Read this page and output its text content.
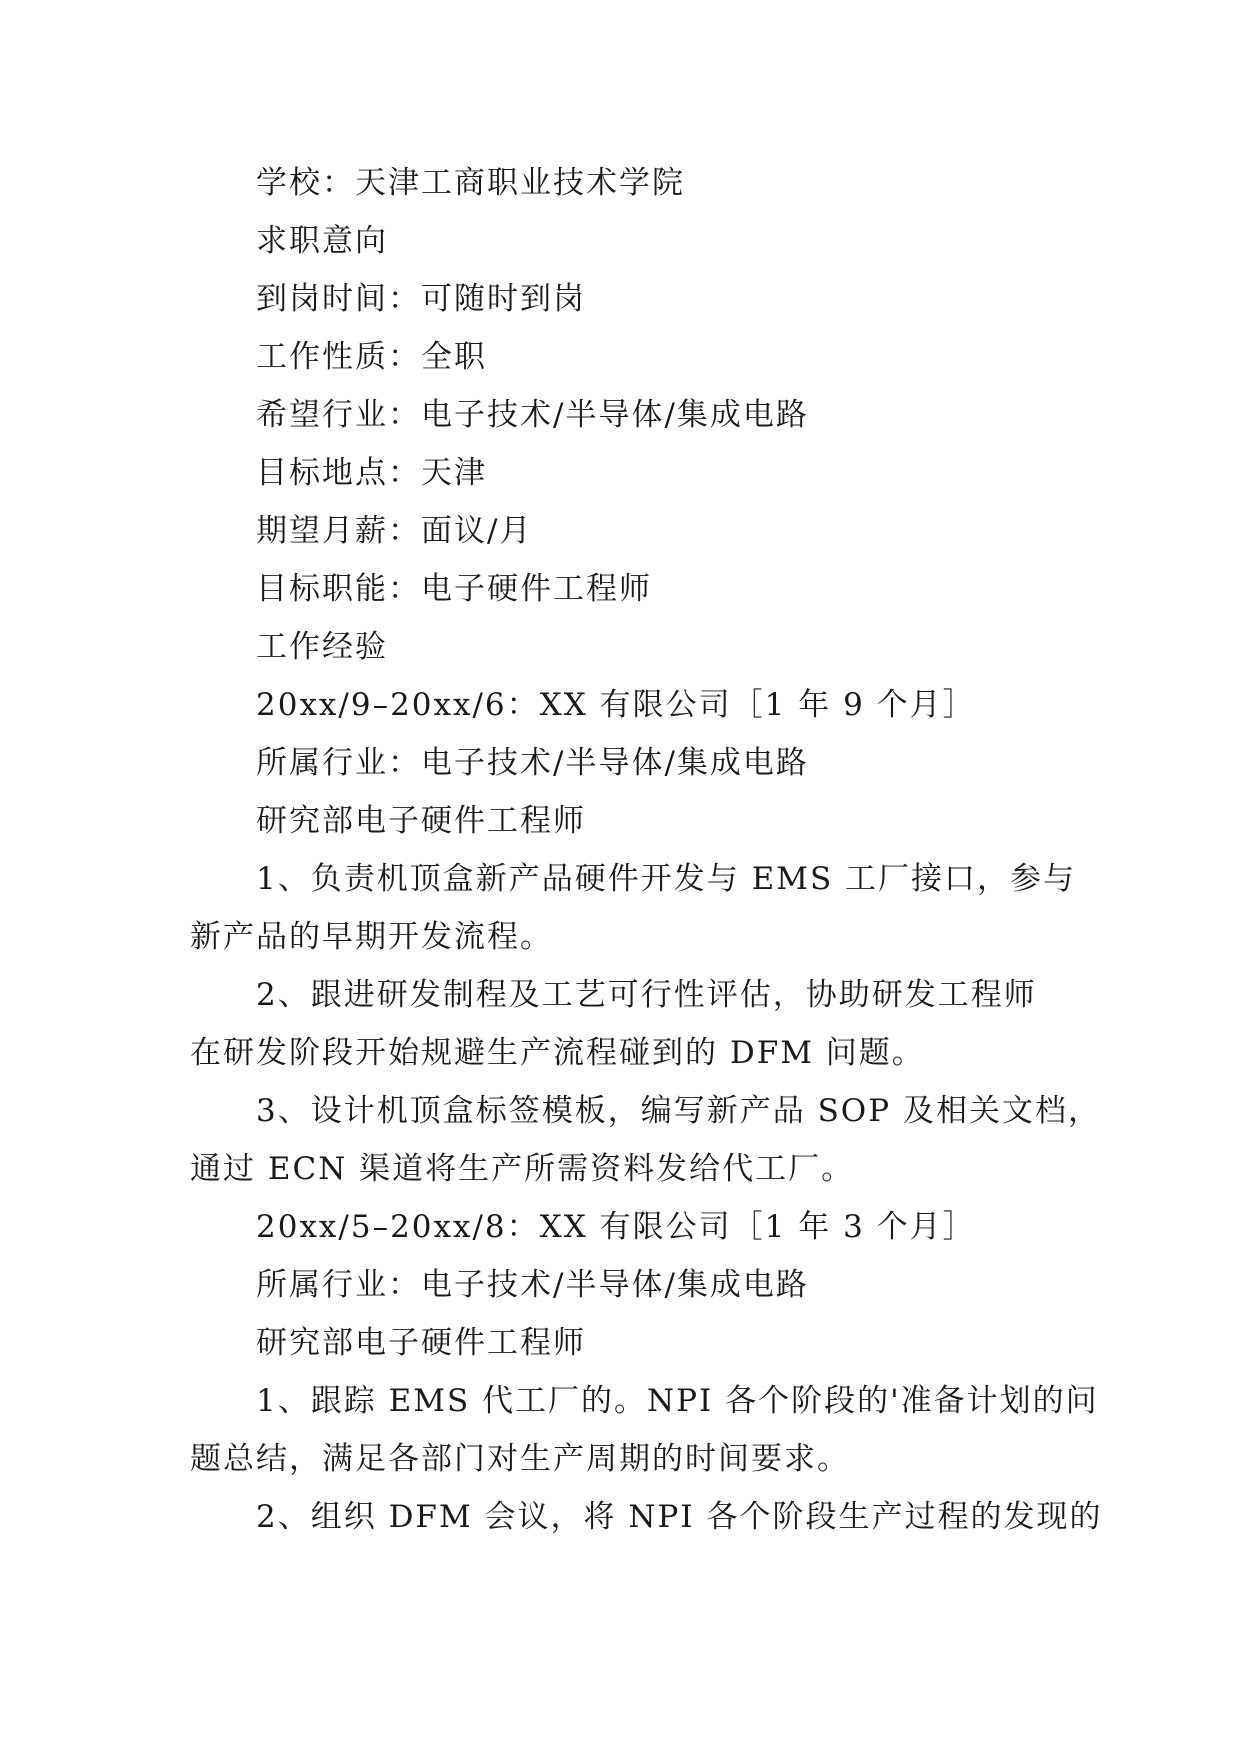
学校：天津工商职业技术学院
求职意向
到岗时间：可随时到岗
工作性质：全职
希望行业：电子技术/半导体/集成电路
目标地点：天津
期望月薪：面议/月
目标职能：电子硬件工程师
工作经验
20xx/9–20xx/6：XX 有限公司［1 年 9 个月］
所属行业：电子技术/半导体/集成电路
研究部电子硬件工程师
1、负责机顶盒新产品硬件开发与 EMS 工厂接口，参与
新产品的早期开发流程。
2、跟进研发制程及工艺可行性评估，协助研发工程师
在研发阶段开始规避生产流程碰到的 DFM 问题。
3、设计机顶盒标签模板，编写新产品 SOP 及相关文档，
通过 ECN 渠道将生产所需资料发给代工厂。
20xx/5–20xx/8：XX 有限公司［1 年 3 个月］
所属行业：电子技术/半导体/集成电路
研究部电子硬件工程师
1、跟踪 EMS 代工厂的。NPI 各个阶段的'准备计划的问
题总结，满足各部门对生产周期的时间要求。
2、组织 DFM 会议，将 NPI 各个阶段生产过程的发现的
